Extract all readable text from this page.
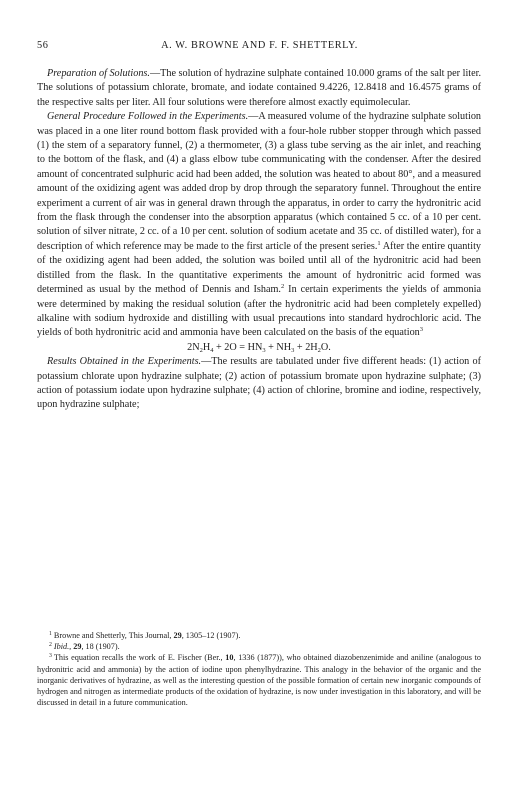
56	A. W. BROWNE AND F. F. SHETTERLY.

Preparation of Solutions.—The solution of hydrazine sulphate contained 10.000 grams of the salt per liter. The solutions of potassium chlorate, bromate, and iodate contained 9.4226, 12.8418 and 16.4575 grams of the respective salts per liter. All four solutions were therefore almost exactly equimolecular.

General Procedure Followed in the Experiments.—A measured volume of the hydrazine sulphate solution was placed in a one liter round bottom flask provided with a four-hole rubber stopper through which passed (1) the stem of a separatory funnel, (2) a thermometer, (3) a glass tube serving as the air inlet, and reaching to the bottom of the flask, and (4) a glass elbow tube communicating with the condenser. After the desired amount of concentrated sulphuric acid had been added, the solution was heated to about 80°, and a measured amount of the oxidizing agent was added drop by drop through the separatory funnel. Throughout the entire experiment a current of air was in general drawn through the apparatus, in order to carry the hydronitric acid from the flask through the condenser into the absorption apparatus (which contained 5 cc. of a 10 per cent. solution of silver nitrate, 2 cc. of a 10 per cent. solution of sodium acetate and 35 cc. of distilled water), for a description of which reference may be made to the first article of the present series.$^1$ After the entire quantity of the oxidizing agent had been added, the solution was boiled until all of the hydronitric acid had been distilled from the flask. In the quantitative experiments the amount of hydronitric acid formed was determined as usual by the method of Dennis and Isham.$^2$ In certain experiments the yields of ammonia were determined by making the residual solution (after the hydronitric acid had been completely expelled) alkaline with sodium hydroxide and distilling with usual precautions into standard hydrochloric acid. The yields of both hydronitric acid and ammonia have been calculated on the basis of the equation$^3$

$2N_2H_4 + 2O = HN_3 + NH_3 + 2H_2O$.

Results Obtained in the Experiments.—The results are tabulated under five different heads: (1) action of potassium chlorate upon hydrazine sulphate; (2) action of potassium bromate upon hydrazine sulphate; (3) action of potassium iodate upon hydrazine sulphate; (4) action of chlorine, bromine and iodine, respectively, upon hydrazine sulphate;

$^1$ Browne and Shetterly, This Journal, 29, 1305–12 (1907).

$^2$ Ibid., 29, 18 (1907).

$^3$ This equation recalls the work of E. Fischer (Ber., 10, 1336 (1877)), who obtained diazobenzenimide and aniline (analogous to hydronitric acid and ammonia) by the action of iodine upon phenylhydrazine. This analogy in the behavior of the organic and the inorganic derivatives of hydrazine, as well as the interesting question of the possible formation of certain new inorganic compounds of hydrogen and nitrogen as intermediate products of the oxidation of hydrazine, is now under investigation in this laboratory, and will be discussed in detail in a future communication.
